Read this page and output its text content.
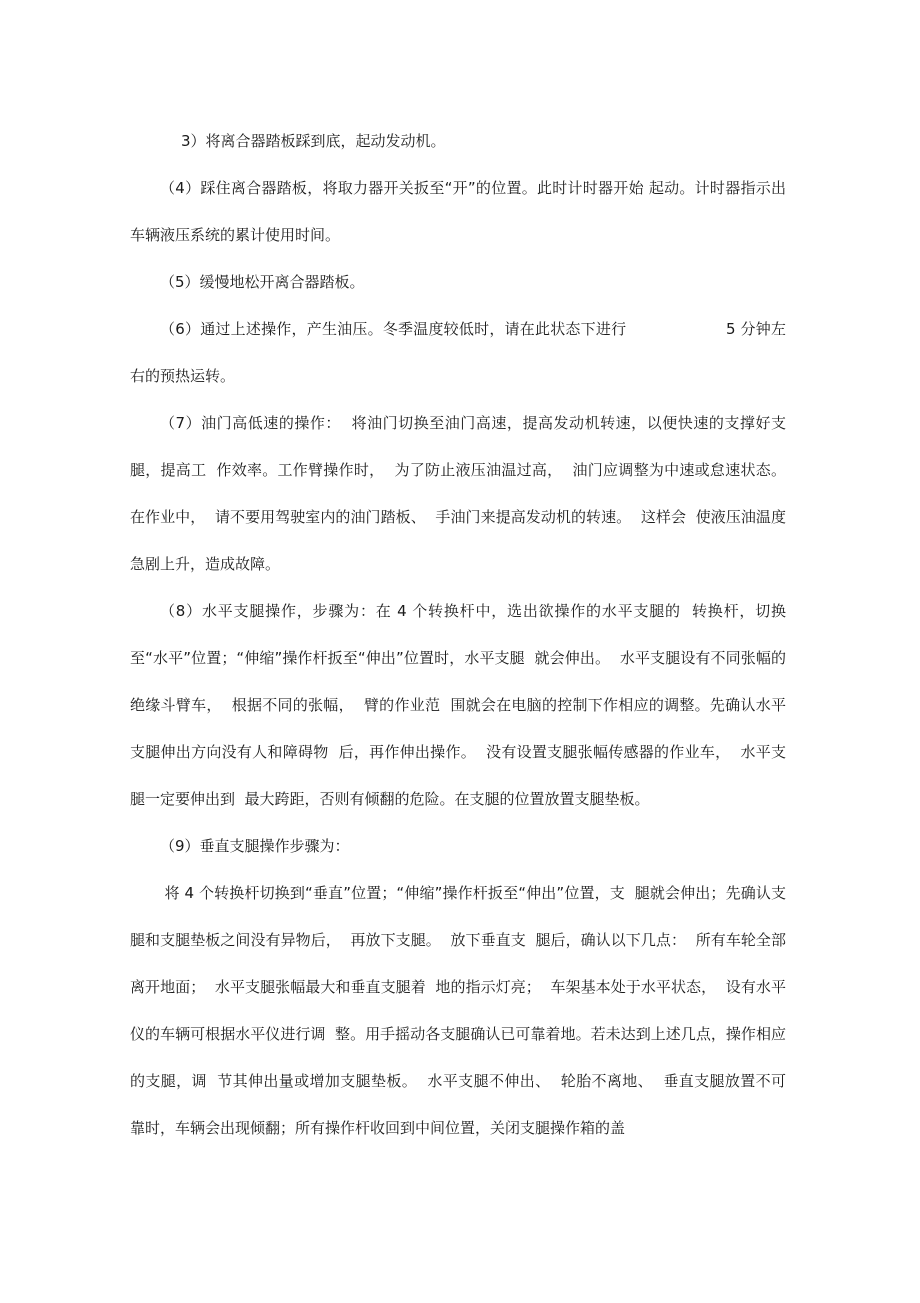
3）将离合器踏板踩到底，起动发动机。

（4）踩住离合器踏板，将取力器开关扳至“开”的位置。此时计时器开始 起动。计时器指示出车辆液压系统的累计使用时间。

（5）缓慢地松开离合器踏板。

（6）通过上述操作，产生油压。冬季温度较低时，请在此状态下进行                    5 分钟左右的预热运转。

（7）油门高低速的操作：  将油门切换至油门高速，提高发动机转速，以便快速的支撑好支腿，提高工  作效率。工作臂操作时，  为了防止液压油温过高，  油门应调整为中速或怠速状态。在作业中，  请不要用驾驶室内的油门踏板、  手油门来提高发动机的转速。  这样会  使液压油温度急剧上升，造成故障。

（8）水平支腿操作，步骤为：在 4 个转换杆中，选出欲操作的水平支腿的  转换杆，切换至“水平”位置；“伸缩”操作杆扳至“伸出”位置时，水平支腿  就会伸出。  水平支腿设有不同张幅的绝缘斗臂车，  根据不同的张幅，  臂的作业范  围就会在电脑的控制下作相应的调整。先确认水平支腿伸出方向没有人和障碍物  后，再作伸出操作。  没有设置支腿张幅传感器的作业车，  水平支腿一定要伸出到  最大跨距，否则有倾翻的危险。在支腿的位置放置支腿垫板。

（9）垂直支腿操作步骤为：

将 4 个转换杆切换到“垂直”位置；“伸缩”操作杆扳至“伸出”位置，支  腿就会伸出；先确认支腿和支腿垫板之间没有异物后，  再放下支腿。  放下垂直支  腿后，确认以下几点：  所有车轮全部离开地面；  水平支腿张幅最大和垂直支腿着  地的指示灯亮；  车架基本处于水平状态，  设有水平仪的车辆可根据水平仪进行调  整。用手摇动各支腿确认已可靠着地。若未达到上述几点，操作相应的支腿，调  节其伸出量或增加支腿垫板。  水平支腿不伸出、  轮胎不离地、  垂直支腿放置不可  靠时，车辆会出现倾翻；所有操作杆收回到中间位置，关闭支腿操作箱的盖
